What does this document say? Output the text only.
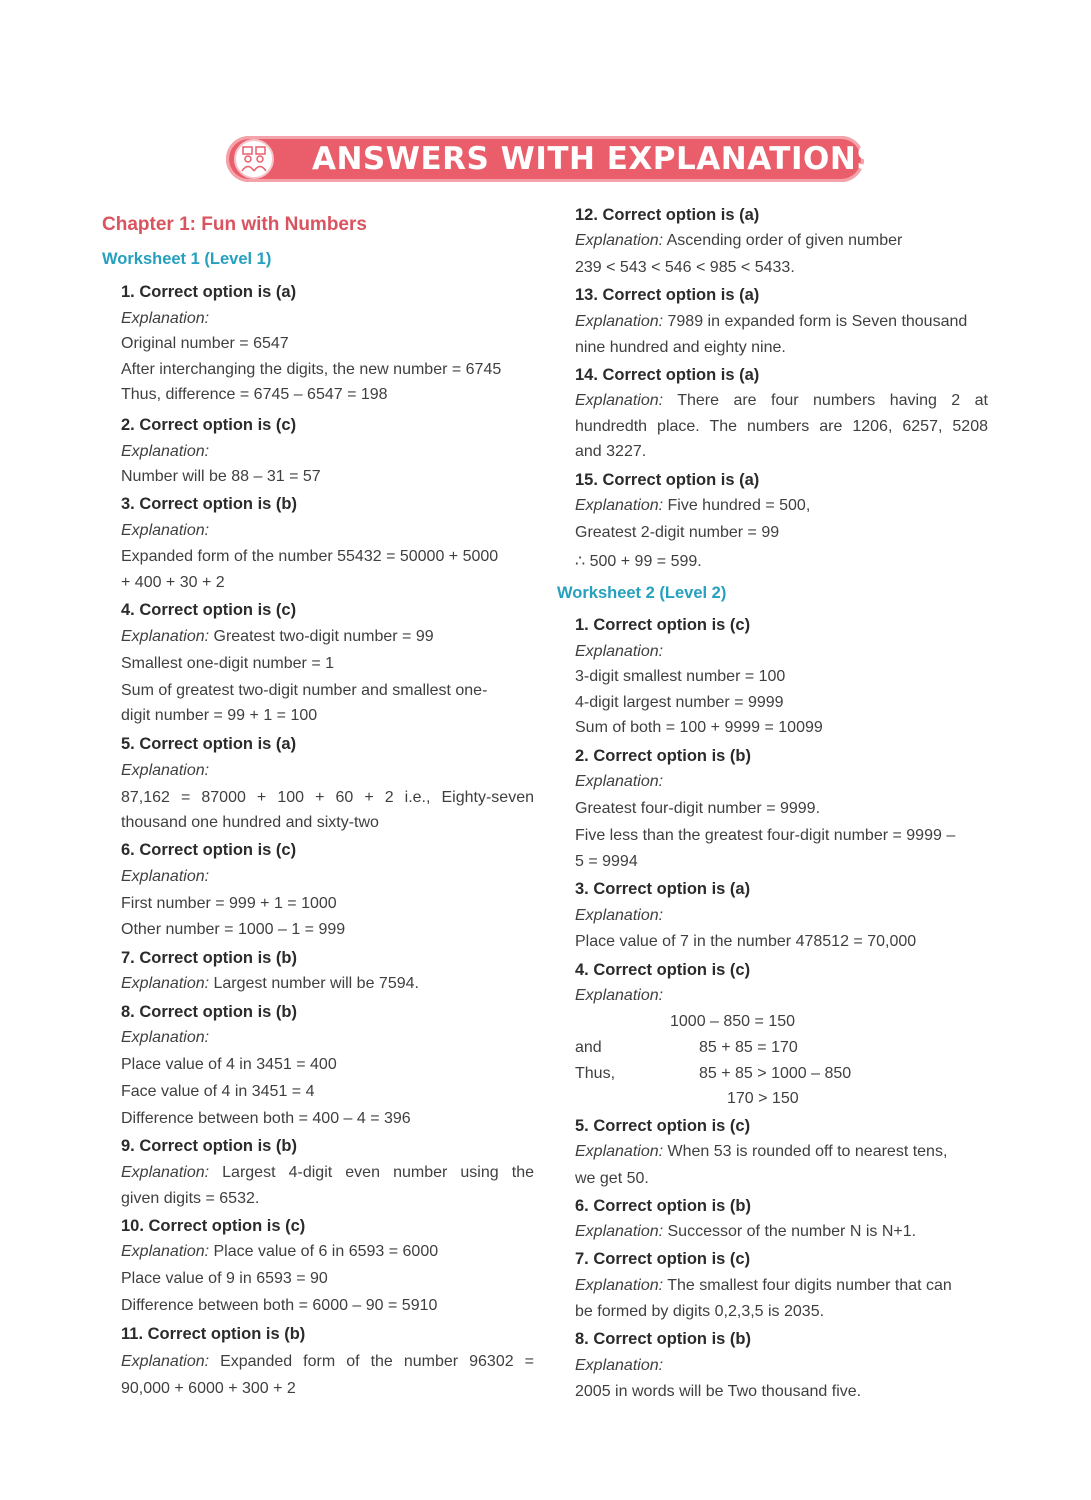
ANSWERS WITH EXPLANATIONS
Chapter 1: Fun with Numbers
Worksheet 1 (Level 1)
1. Correct option is (a)
Explanation:
Original number = 6547
After interchanging the digits, the new number = 6745
Thus, difference = 6745 – 6547 = 198
2. Correct option is (c)
Explanation:
Number will be 88 – 31 = 57
3. Correct option is (b)
Explanation:
Expanded form of the number 55432 = 50000 + 5000
+ 400 + 30 + 2
4. Correct option is (c)
Explanation: Greatest two-digit number = 99
Smallest one-digit number = 1
Sum of greatest two-digit number and smallest one-
digit number = 99 + 1 = 100
5. Correct option is (a)
Explanation:
87,162 = 87000 + 100 + 60 + 2 i.e., Eighty-seven
thousand one hundred and sixty-two
6. Correct option is (c)
Explanation:
First number = 999 + 1 = 1000
Other number = 1000 – 1 = 999
7. Correct option is (b)
Explanation: Largest number will be 7594.
8. Correct option is (b)
Explanation:
Place value of 4 in 3451 = 400
Face value of 4 in 3451 = 4
Difference between both = 400 – 4 = 396
9. Correct option is (b)
Explanation: Largest 4-digit even number using the
given digits = 6532.
10. Correct option is (c)
Explanation: Place value of 6 in 6593 = 6000
Place value of 9 in 6593 = 90
Difference between both = 6000 – 90 = 5910
11. Correct option is (b)
Explanation: Expanded form of the number 96302 =
90,000 + 6000 + 300 + 2
12. Correct option is (a)
Explanation: Ascending order of given number
239 < 543 < 546 < 985 < 5433.
13. Correct option is (a)
Explanation: 7989 in expanded form is Seven thousand
nine hundred and eighty nine.
14. Correct option is (a)
Explanation: There are four numbers having 2 at
hundredth place. The numbers are 1206, 6257, 5208
and 3227.
15. Correct option is (a)
Explanation: Five hundred = 500,
Greatest 2-digit number = 99
∴ 500 + 99 = 599.
Worksheet 2 (Level 2)
1. Correct option is (c)
Explanation:
3-digit smallest number = 100
4-digit largest number = 9999
Sum of both = 100 + 9999 = 10099
2. Correct option is (b)
Explanation:
Greatest four-digit number = 9999.
Five less than the greatest four-digit number = 9999 –
5 = 9994
3. Correct option is (a)
Explanation:
Place value of 7 in the number 478512 = 70,000
4. Correct option is (c)
Explanation:
1000 – 850 = 150
and	85 + 85 = 170
Thus,	85 + 85 > 1000 – 850
170 > 150
5. Correct option is (c)
Explanation: When 53 is rounded off to nearest tens,
we get 50.
6. Correct option is (b)
Explanation: Successor of the number N is N+1.
7. Correct option is (c)
Explanation: The smallest four digits number that can
be formed by digits 0,2,3,5 is 2035.
8. Correct option is (b)
Explanation:
2005 in words will be Two thousand five.
